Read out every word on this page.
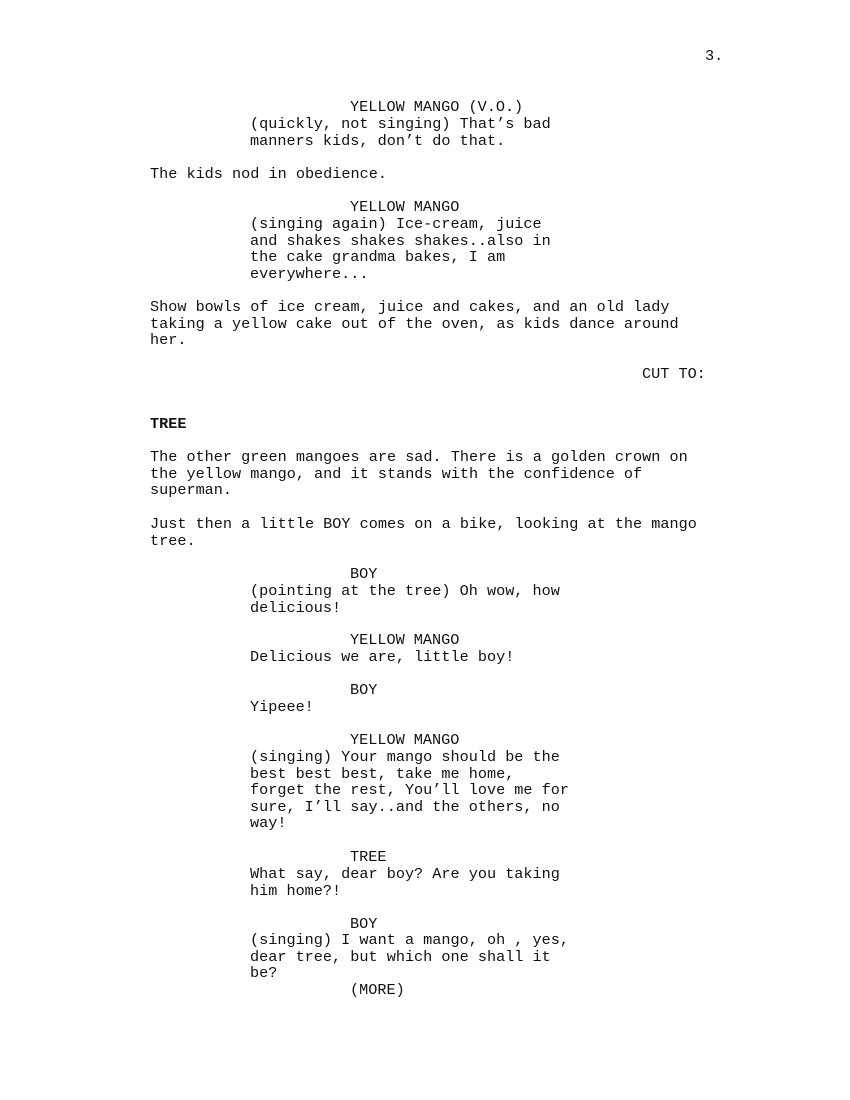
3.
YELLOW MANGO (V.O.)
(quickly, not singing) That’s bad
manners kids, don’t do that.
The kids nod in obedience.
YELLOW MANGO
(singing again) Ice-cream, juice
and shakes shakes shakes..also in
the cake grandma bakes, I am
everywhere...
Show bowls of ice cream, juice and cakes, and an old lady
taking a yellow cake out of the oven, as kids dance around
her.
CUT TO:
TREE
The other green mangoes are sad. There is a golden crown on
the yellow mango, and it stands with the confidence of
superman.
Just then a little BOY comes on a bike, looking at the mango
tree.
BOY
(pointing at the tree) Oh wow, how
delicious!
YELLOW MANGO
Delicious we are, little boy!
BOY
Yipeee!
YELLOW MANGO
(singing) Your mango should be the
best best best, take me home,
forget the rest, You’ll love me for
sure, I’ll say..and the others, no
way!
TREE
What say, dear boy? Are you taking
him home?!
BOY
(singing) I want a mango, oh , yes,
dear tree, but which one shall it
be?
(MORE)
